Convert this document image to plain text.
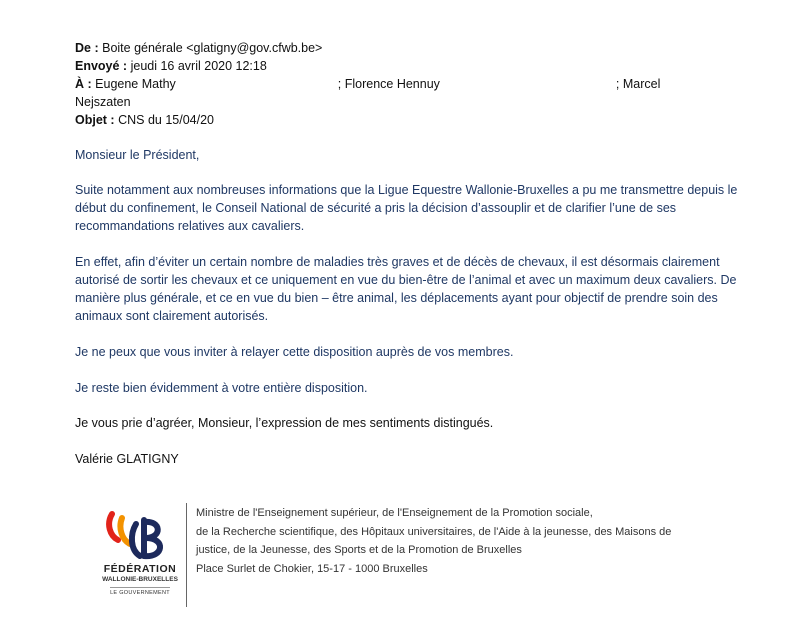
De : Boite générale <glatigny@gov.cfwb.be>
Envoyé : jeudi 16 avril 2020 12:18
À : Eugene Mathy	; Florence Hennuy	; Marcel
Nejszaten
Objet : CNS du 15/04/20
Monsieur le Président,
Suite notamment aux nombreuses informations que la Ligue Equestre Wallonie-Bruxelles a pu me transmettre depuis le début du confinement, le Conseil National de sécurité a pris la décision d’assouplir et de clarifier l’une de ses recommandations relatives aux cavaliers.
En effet, afin d’éviter un certain nombre de maladies très graves et de décès de chevaux, il est désormais clairement autorisé de sortir les chevaux et ce uniquement en vue du bien-être de l’animal et avec un maximum deux cavaliers. De manière plus générale, et ce en vue du bien – être animal, les déplacements ayant pour objectif de prendre soin des animaux sont clairement autorisés.
Je ne peux que vous inviter à relayer cette disposition auprès de vos membres.
Je reste bien évidemment à votre entière disposition.
Je vous prie d’agréer, Monsieur, l’expression de mes sentiments distingués.
Valérie GLATIGNY
FÉDÉRATION
WALLONIE-BRUXELLES
LE GOUVERNEMENT
Ministre de l'Enseignement supérieur, de l'Enseignement de la Promotion sociale,
de la Recherche scientifique, des Hôpitaux universitaires, de l'Aide à la jeunesse, des Maisons de
justice, de la Jeunesse, des Sports et de la Promotion de Bruxelles
Place Surlet de Chokier, 15-17 - 1000 Bruxelles
